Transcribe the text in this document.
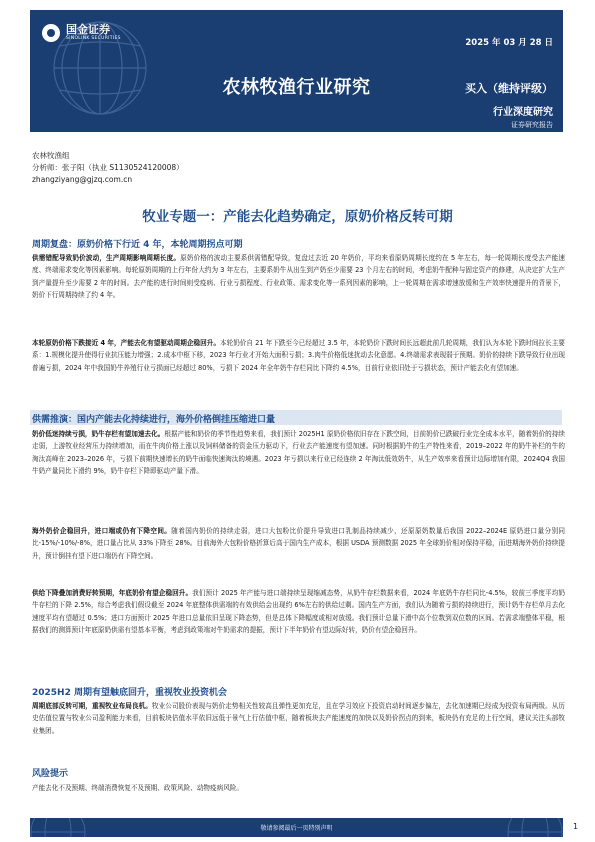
国金证券
SINOLINK SECURITIES	2025 年 03 月 28 日
农林牧渔行业研究	买入（维持评级）
行业深度研究
证券研究报告
农林牧渔组
分析师：张子阳（执业 S1130524120008）
zhangziyang@gjzq.com.cn
牧业专题一：产能去化趋势确定，原奶价格反转可期
周期复盘：原奶价格下行近 4 年，本轮周期拐点可期
供需错配导致奶价波动，生产周期影响周期长度。原奶价格的波动主要系供需错配导致，复盘过去近 20 年奶价，平均来看原奶周期长度约在 5 年左右，每一轮周期长度受去产能速度、终端需求变化等因素影响。每轮原奶周期的上行年份大约为 3 年左右，主要系奶牛从出生到产奶至少需要 23 个月左右的时间，考虑奶牛配种与固定资产的修建，从决定扩大生产到产量提升至少需要 2 年的时间。去产能的进行时间则受疫病、行业亏损程度、行业政策、需求变化等一系列因素的影响，上一轮周期在需求增速放缓和生产效率快速提升的背景下，奶价下行周期持续了约 4 年。
本轮原奶价格下跌接近 4 年，产能去化有望驱动周期企稳回升。本轮奶价自 21 年下跌至今已经超过 3.5 年，本轮奶价下跌时间长远超此前几轮周期，我们认为本轮下跌时间拉长主要系：1.规模化提升使得行业抗压能力增强；2.成本中枢下移，2023 年行业才开始大面积亏损；3.肉牛价格低迷扰动去化意愿。4.终端需求表现弱于预期。奶价的持续下跌导致行业出现普遍亏损，2024 年中我国奶牛养殖行业亏损面已经超过 80%，亏损下 2024 年全年奶牛存栏同比下降约 4.5%，目前行业依旧处于亏损状态，预计产能去化有望加速。
供需推演：国内产能去化持续进行，海外价格倒挂压缩进口量
奶价低迷持续亏损，奶牛存栏有望加速去化。根据产能和奶价的季节性趋势来看，我们预计 2025H1 原奶价格依旧存在下跌空间，目前奶价已跌破行业完全成本水平，随着奶价的持续走弱，上游牧业经营压力持续增加，而在牛肉价格上涨以及饲料储备的资金压力驱动下，行业去产能速度有望加速。同时根据奶牛的生产特性来看，2019–2022 年的奶牛补栏的牛的淘汰高峰在 2023–2026 年，亏损下前期快速增长的奶牛面临快速淘汰的境遇。2023 年亏损以来行业已经连续 2 年淘汰低效奶牛，从生产效率来看预计边际增加有限，2024Q4 我国牛奶产量同比下滑约 9%，奶牛存栏下降即驱动产量下滑。
海外奶价企稳回升，进口端或仍有下降空间。随着国内奶价的持续走弱，进口大包粉比价提升导致进口乳制品持续减少，还原原奶数量后我国 2022–2024E 原奶进口量分别同比-15%/-10%/-8%，进口量占比从 33%下降至 28%。目前海外大包粉价格折算后高于国内生产成本，根据 USDA 预测数据 2025 年全球奶价相对保持平稳，而进期海外奶价持续提升，预计倒挂有望下进口端仍有下降空间。
供给下降叠加消费好转预期，年底奶价有望企稳回升。我们预计 2025 年产能与进口端持续呈现缩减态势，从奶牛存栏数据来看，2024 年底奶牛存栏同比-4.5%，较前三季度平均奶牛存栏的下降 2.5%，综合考虑我们假设截至 2024 年底整体供需端的有效供给会出现约 6%左右的供给过剩。国内生产方面，我们认为随着亏损的持续进行，预计奶牛存栏单月去化速度平均有望超过 0.5%；进口方面预计 2025 年进口总量依旧呈现下降态势，但是总体下降幅度或相对放缓。我们预计总量下滑中高个位数到双位数的区间。若需求端整体平稳，根据我们的测算预计年底原奶供需有望基本平衡，考虑到政策端对牛奶需求的提振，预计下半年奶价有望边际好转，奶价有望企稳回升。
2025H2 周期有望触底回升，重视牧业投资机会
周期底部反转可期，重视牧业布局良机。牧业公司股价表现与奶价走势相关性较高且弹性更加充足，且在学习效应下投资启动时间逐步偏左，去化加速期已经成为投资布局两级。从历史估值位置与牧业公司盈利能力来看，目前板块估值水平依旧远低于景气上行估值中枢，随着板块去产能速度的加快以及奶价拐点的到来，板块仍有充足的上行空间，建议关注头部牧业集团。
风险提示
产能去化不及预期、终端消费恢复不及预期、政策风险、动物疫病风险。
敬请参阅最后一页特别声明	1
